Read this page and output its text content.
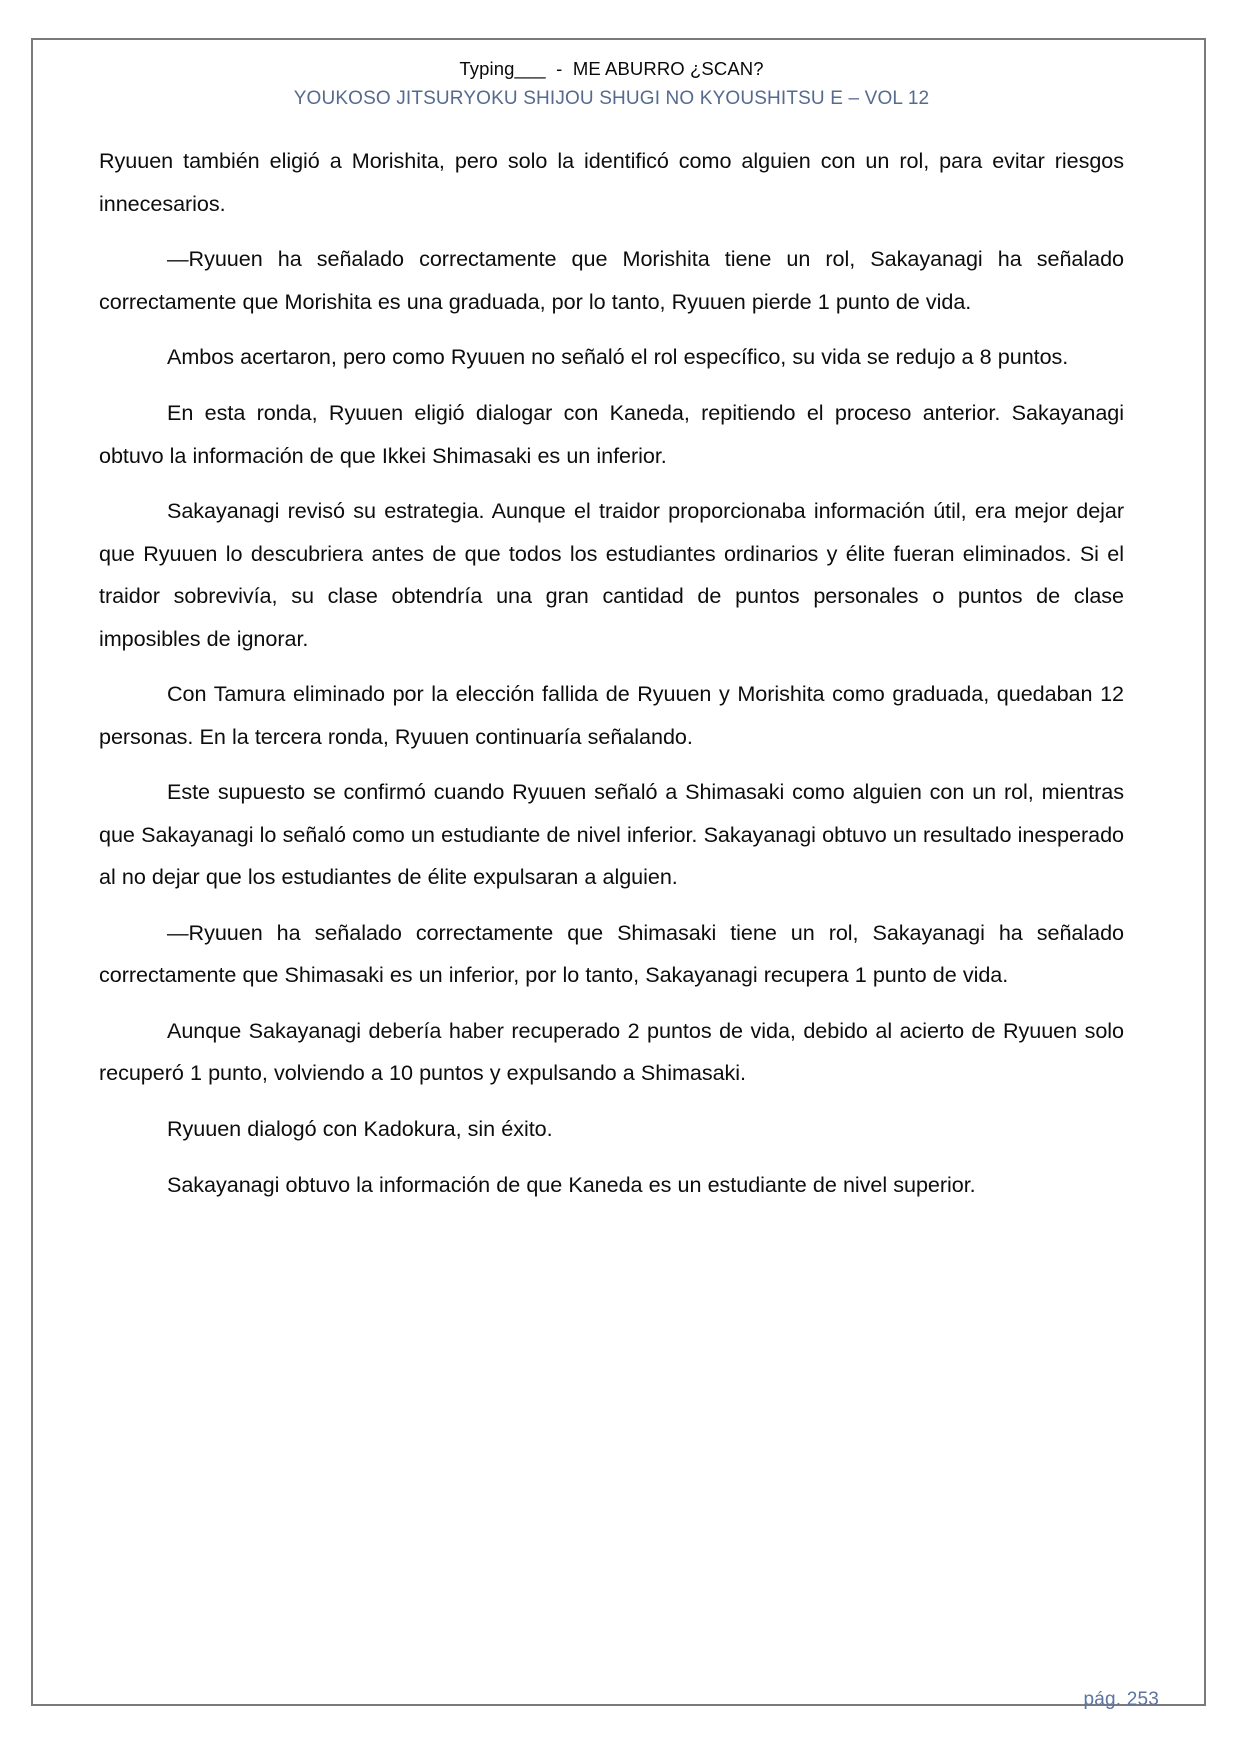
Typing___  -  ME ABURRO ¿SCAN?
YOUKOSO JITSURYOKU SHIJOU SHUGI NO KYOUSHITSU E – VOL 12

Ryuuen también eligió a Morishita, pero solo la identificó como alguien con un rol, para evitar riesgos innecesarios.

—Ryuuen ha señalado correctamente que Morishita tiene un rol, Sakayanagi ha señalado correctamente que Morishita es una graduada, por lo tanto, Ryuuen pierde 1 punto de vida.

Ambos acertaron, pero como Ryuuen no señaló el rol específico, su vida se redujo a 8 puntos.

En esta ronda, Ryuuen eligió dialogar con Kaneda, repitiendo el proceso anterior. Sakayanagi obtuvo la información de que Ikkei Shimasaki es un inferior.

Sakayanagi revisó su estrategia. Aunque el traidor proporcionaba información útil, era mejor dejar que Ryuuen lo descubriera antes de que todos los estudiantes ordinarios y élite fueran eliminados. Si el traidor sobrevivía, su clase obtendría una gran cantidad de puntos personales o puntos de clase imposibles de ignorar.

Con Tamura eliminado por la elección fallida de Ryuuen y Morishita como graduada, quedaban 12 personas. En la tercera ronda, Ryuuen continuaría señalando.

Este supuesto se confirmó cuando Ryuuen señaló a Shimasaki como alguien con un rol, mientras que Sakayanagi lo señaló como un estudiante de nivel inferior. Sakayanagi obtuvo un resultado inesperado al no dejar que los estudiantes de élite expulsaran a alguien.

—Ryuuen ha señalado correctamente que Shimasaki tiene un rol, Sakayanagi ha señalado correctamente que Shimasaki es un inferior, por lo tanto, Sakayanagi recupera 1 punto de vida.

Aunque Sakayanagi debería haber recuperado 2 puntos de vida, debido al acierto de Ryuuen solo recuperó 1 punto, volviendo a 10 puntos y expulsando a Shimasaki.

Ryuuen dialogó con Kadokura, sin éxito.

Sakayanagi obtuvo la información de que Kaneda es un estudiante de nivel superior.

pág. 253
